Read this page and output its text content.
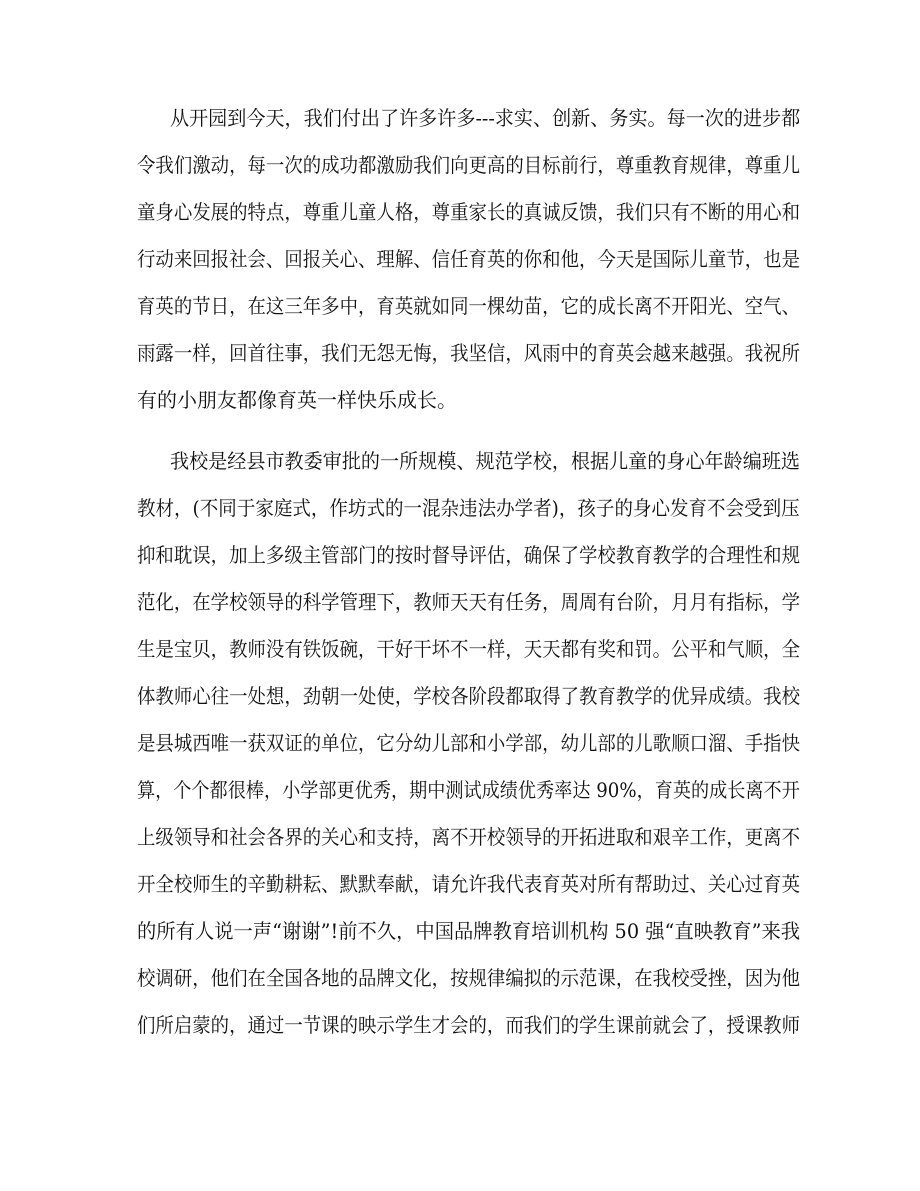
从开园到今天，我们付出了许多许多---求实、创新、务实。每一次的进步都
令我们激动，每一次的成功都激励我们向更高的目标前行，尊重教育规律，尊重儿
童身心发展的特点，尊重儿童人格，尊重家长的真诚反馈，我们只有不断的用心和
行动来回报社会、回报关心、理解、信任育英的你和他，今天是国际儿童节，也是
育英的节日，在这三年多中，育英就如同一棵幼苗，它的成长离不开阳光、空气、
雨露一样，回首往事，我们无怨无悔，我坚信，风雨中的育英会越来越强。我祝所
有的小朋友都像育英一样快乐成长。
我校是经县市教委审批的一所规模、规范学校，根据儿童的身心年龄编班选
教材，(不同于家庭式，作坊式的一混杂违法办学者)，孩子的身心发育不会受到压
抑和耽误，加上多级主管部门的按时督导评估，确保了学校教育教学的合理性和规
范化，在学校领导的科学管理下，教师天天有任务，周周有台阶，月月有指标，学
生是宝贝，教师没有铁饭碗，干好干坏不一样，天天都有奖和罚。公平和气顺，全
体教师心往一处想，劲朝一处使，学校各阶段都取得了教育教学的优异成绩。我校
是县城西唯一获双证的单位，它分幼儿部和小学部，幼儿部的儿歌顺口溜、手指快
算，个个都很棒，小学部更优秀，期中测试成绩优秀率达 90%，育英的成长离不开
上级领导和社会各界的关心和支持，离不开校领导的开拓进取和艰辛工作，更离不
开全校师生的辛勤耕耘、默默奉献，请允许我代表育英对所有帮助过、关心过育英
的所有人说一声“谢谢”!前不久，中国品牌教育培训机构 50 强“直映教育”来我
校调研，他们在全国各地的品牌文化，按规律编拟的示范课，在我校受挫，因为他
们所启蒙的，通过一节课的映示学生才会的，而我们的学生课前就会了，授课教师
